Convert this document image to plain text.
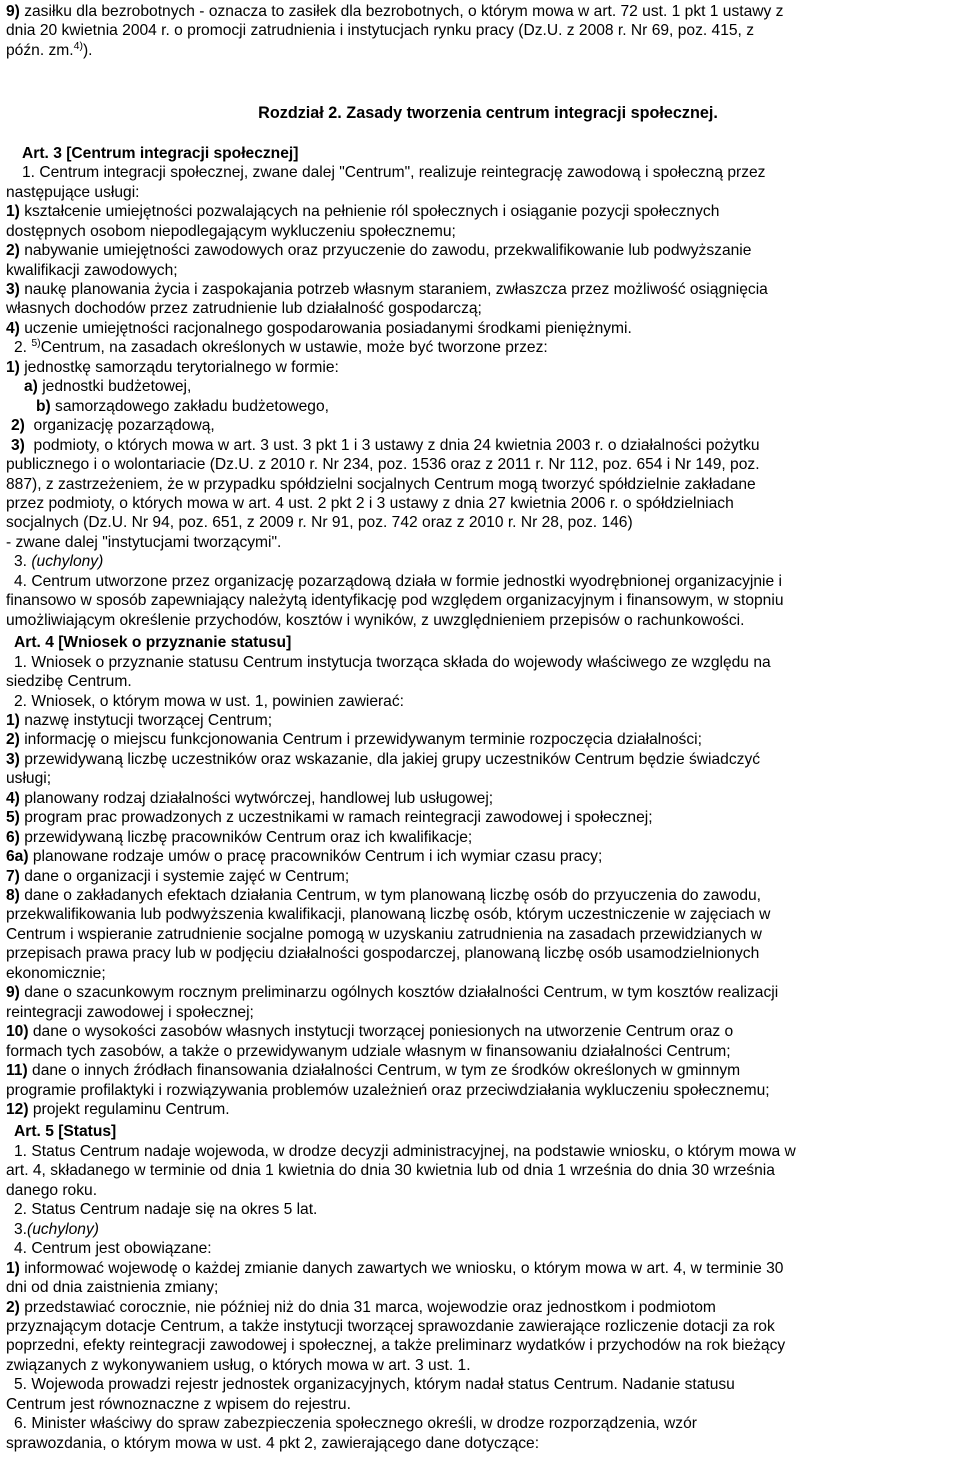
9) zasiłku dla bezrobotnych - oznacza to zasiłek dla bezrobotnych, o którym mowa w art. 72 ust. 1 pkt 1 ustawy z

dnia 20 kwietnia 2004 r. o promocji zatrudnienia i instytucjach rynku pracy (Dz.U. z 2008 r. Nr 69, poz. 415, z

późn. zm.$^{4)}$).

Rozdział 2. Zasady tworzenia centrum integracji społecznej.

Art. 3 [Centrum integracji społecznej]

1. Centrum integracji społecznej, zwane dalej "Centrum", realizuje reintegrację zawodową i społeczną przez

następujące usługi:

1) kształcenie umiejętności pozwalających na pełnienie ról społecznych i osiąganie pozycji społecznych

dostępnych osobom niepodlegającym wykluczeniu społecznemu;

2) nabywanie umiejętności zawodowych oraz przyuczenie do zawodu, przekwalifikowanie lub podwyższanie

kwalifikacji zawodowych;

3) naukę planowania życia i zaspokajania potrzeb własnym staraniem, zwłaszcza przez możliwość osiągnięcia

własnych dochodów przez zatrudnienie lub działalność gospodarczą;

4) uczenie umiejętności racjonalnego gospodarowania posiadanymi środkami pieniężnymi.

2. $^{5)}$Centrum, na zasadach określonych w ustawie, może być tworzone przez:

1) jednostkę samorządu terytorialnego w formie:

a) jednostki budżetowej,

b) samorządowego zakładu budżetowego,

2)  organizację pozarządową,

3)  podmioty, o których mowa w art. 3 ust. 3 pkt 1 i 3 ustawy z dnia 24 kwietnia 2003 r. o działalności pożytku

publicznego i o wolontariacie (Dz.U. z 2010 r. Nr 234, poz. 1536 oraz z 2011 r. Nr 112, poz. 654 i Nr 149, poz.

887), z zastrzeżeniem, że w przypadku spółdzielni socjalnych Centrum mogą tworzyć spółdzielnie zakładane

przez podmioty, o których mowa w art. 4 ust. 2 pkt 2 i 3 ustawy z dnia 27 kwietnia 2006 r. o spółdzielniach

socjalnych (Dz.U. Nr 94, poz. 651, z 2009 r. Nr 91, poz. 742 oraz z 2010 r. Nr 28, poz. 146)

- zwane dalej "instytucjami tworzącymi".

3. (uchylony)

4. Centrum utworzone przez organizację pozarządową działa w formie jednostki wyodrębnionej organizacyjnie i

finansowo w sposób zapewniający należytą identyfikację pod względem organizacyjnym i finansowym, w stopniu

umożliwiającym określenie przychodów, kosztów i wyników, z uwzględnieniem przepisów o rachunkowości.

Art. 4 [Wniosek o przyznanie statusu]

1. Wniosek o przyznanie statusu Centrum instytucja tworząca składa do wojewody właściwego ze względu na

siedzibę Centrum.

2. Wniosek, o którym mowa w ust. 1, powinien zawierać:

1) nazwę instytucji tworzącej Centrum;

2) informację o miejscu funkcjonowania Centrum i przewidywanym terminie rozpoczęcia działalności;

3) przewidywaną liczbę uczestników oraz wskazanie, dla jakiej grupy uczestników Centrum będzie świadczyć

usługi;

4) planowany rodzaj działalności wytwórczej, handlowej lub usługowej;

5) program prac prowadzonych z uczestnikami w ramach reintegracji zawodowej i społecznej;

6) przewidywaną liczbę pracowników Centrum oraz ich kwalifikacje;

6a) planowane rodzaje umów o pracę pracowników Centrum i ich wymiar czasu pracy;

7) dane o organizacji i systemie zajęć w Centrum;

8) dane o zakładanych efektach działania Centrum, w tym planowaną liczbę osób do przyuczenia do zawodu,

przekwalifikowania lub podwyższenia kwalifikacji, planowaną liczbę osób, którym uczestniczenie w zajęciach w

Centrum i wspieranie zatrudnienie socjalne pomogą w uzyskaniu zatrudnienia na zasadach przewidzianych w

przepisach prawa pracy lub w podjęciu działalności gospodarczej, planowaną liczbę osób usamodzielnionych

ekonomicznie;

9) dane o szacunkowym rocznym preliminarzu ogólnych kosztów działalności Centrum, w tym kosztów realizacji

reintegracji zawodowej i społecznej;

10) dane o wysokości zasobów własnych instytucji tworzącej poniesionych na utworzenie Centrum oraz o

formach tych zasobów, a także o przewidywanym udziale własnym w finansowaniu działalności Centrum;

11) dane o innych źródłach finansowania działalności Centrum, w tym ze środków określonych w gminnym

programie profilaktyki i rozwiązywania problemów uzależnień oraz przeciwdziałania wykluczeniu społecznemu;

12) projekt regulaminu Centrum.

Art. 5 [Status]

1. Status Centrum nadaje wojewoda, w drodze decyzji administracyjnej, na podstawie wniosku, o którym mowa w

art. 4, składanego w terminie od dnia 1 kwietnia do dnia 30 kwietnia lub od dnia 1 września do dnia 30 września

danego roku.

2. Status Centrum nadaje się na okres 5 lat.

3.(uchylony)

4. Centrum jest obowiązane:

1) informować wojewodę o każdej zmianie danych zawartych we wniosku, o którym mowa w art. 4, w terminie 30

dni od dnia zaistnienia zmiany;

2) przedstawiać corocznie, nie później niż do dnia 31 marca, wojewodzie oraz jednostkom i podmiotom

przyznającym dotacje Centrum, a także instytucji tworzącej sprawozdanie zawierające rozliczenie dotacji za rok

poprzedni, efekty reintegracji zawodowej i społecznej, a także preliminarz wydatków i przychodów na rok bieżący

związanych z wykonywaniem usług, o których mowa w art. 3 ust. 1.

5. Wojewoda prowadzi rejestr jednostek organizacyjnych, którym nadał status Centrum. Nadanie statusu

Centrum jest równoznaczne z wpisem do rejestru.

6. Minister właściwy do spraw zabezpieczenia społecznego określi, w drodze rozporządzenia, wzór

sprawozdania, o którym mowa w ust. 4 pkt 2, zawierającego dane dotyczące:
